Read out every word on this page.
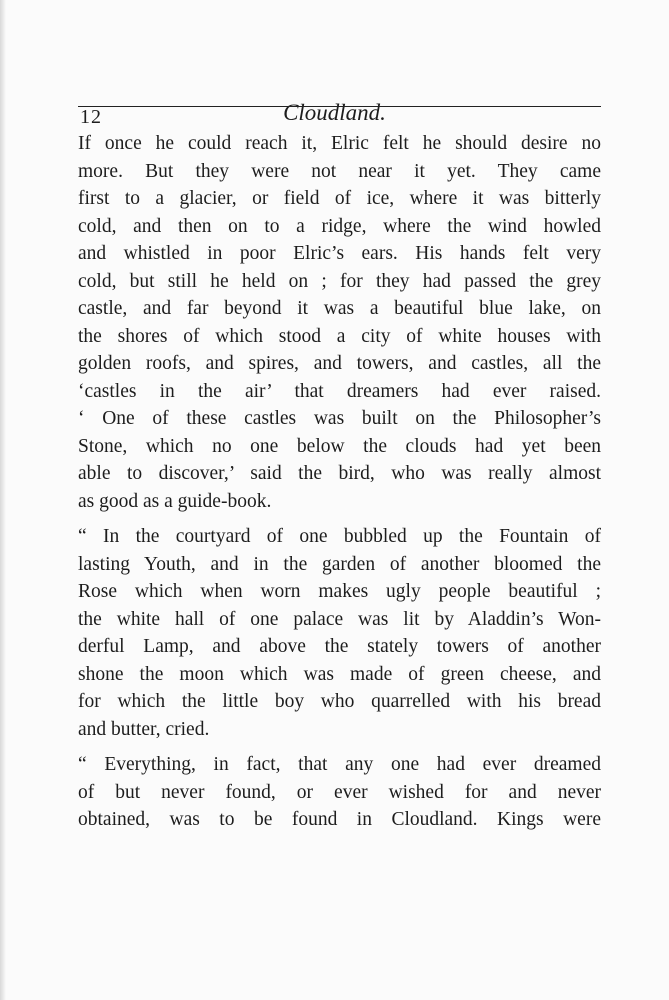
12	Cloudland.
If once he could reach it, Elric felt he should desire no
more. But they were not near it yet. They came
first to a glacier, or field of ice, where it was bitterly
cold, and then on to a ridge, where the wind howled
and whistled in poor Elric’s ears. His hands felt very
cold, but still he held on ; for they had passed the grey
castle, and far beyond it was a beautiful blue lake, on
the shores of which stood a city of white houses with
golden roofs, and spires, and towers, and castles, all the
‘castles in the air’ that dreamers had ever raised.
‘ One of these castles was built on the Philosopher’s
Stone, which no one below the clouds had yet been
able to discover,’ said the bird, who was really almost
as good as a guide-book.
“ In the courtyard of one bubbled up the Fountain of
lasting Youth, and in the garden of another bloomed the
Rose which when worn makes ugly people beautiful ;
the white hall of one palace was lit by Aladdin’s Won-
derful Lamp, and above the stately towers of another
shone the moon which was made of green cheese, and
for which the little boy who quarrelled with his bread
and butter, cried.
“ Everything, in fact, that any one had ever dreamed
of but never found, or ever wished for and never
obtained, was to be found in Cloudland. Kings were
